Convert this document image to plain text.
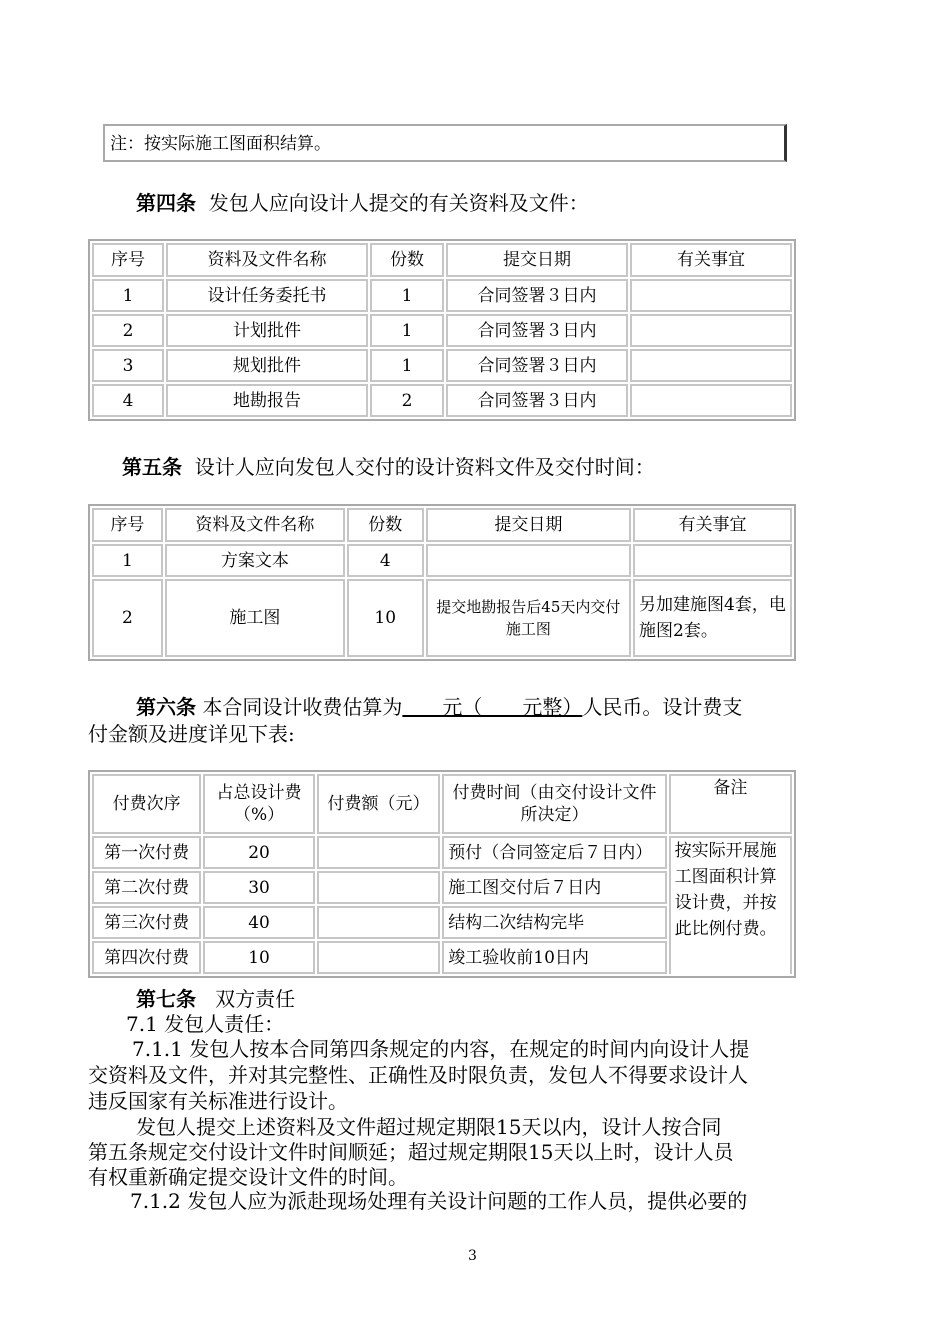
注：按实际施工图面积结算。
第四条 发包人应向设计人提交的有关资料及文件：
序号	资料及文件名称	份数	提交日期	有关事宜
1	设计任务委托书	1	合同签署３日内	
2	计划批件	1	合同签署３日内	
3	规划批件	1	合同签署３日内	
4	地勘报告	2	合同签署３日内	
第五条 设计人应向发包人交付的设计资料文件及交付时间：
序号	资料及文件名称	份数	提交日期	有关事宜
1	方案文本	4		
2	施工图	10	提交地勘报告后45天内交付施工图	另加建施图4套，电施图2套。
第六条 本合同设计收费估算为　　元（　　元整）人民币。设计费支
付金额及进度详见下表:
付费次序	占总设计费（%）	付费额（元）	付费时间（由交付设计文件所决定）	备注
第一次付费	20		预付（合同签定后７日内）	按实际开展施工图面积计算设计费，并按此比例付费。
第二次付费	30		施工图交付后７日内	
第三次付费	40		结构二次结构完毕	
第四次付费	10		竣工验收前10日内	
第七条 双方责任
7.1 发包人责任：
7.1.1 发包人按本合同第四条规定的内容，在规定的时间内向设计人提
交资料及文件，并对其完整性、正确性及时限负责，发包人不得要求设计人
违反国家有关标准进行设计。
发包人提交上述资料及文件超过规定期限15天以内，设计人按合同
第五条规定交付设计文件时间顺延；超过规定期限15天以上时，设计人员
有权重新确定提交设计文件的时间。
7.1.2 发包人应为派赴现场处理有关设计问题的工作人员，提供必要的
3
